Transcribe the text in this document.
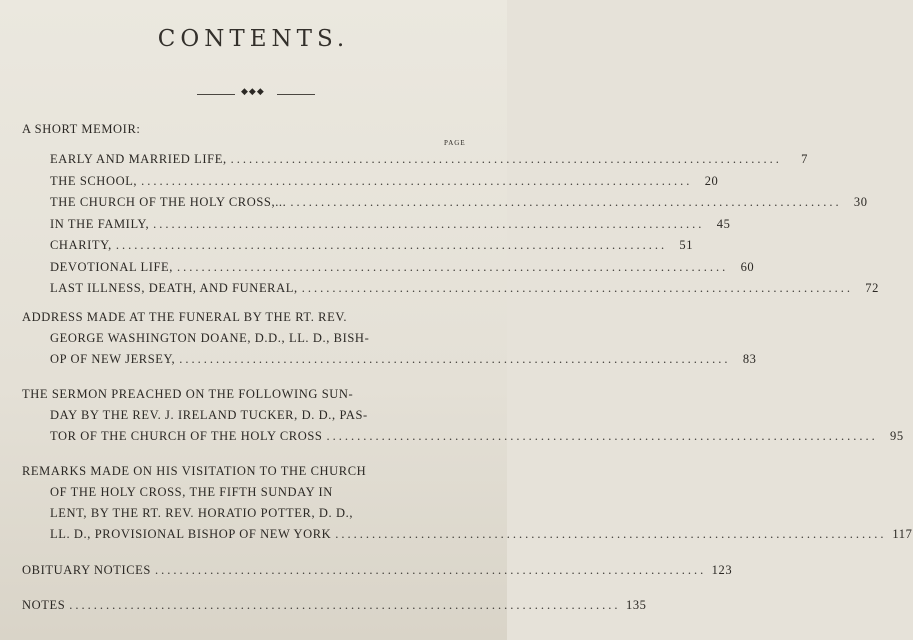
CONTENTS.
◆◆◆
A SHORT MEMOIR:
PAGE
EARLY AND MARRIED LIFE, ..........................................................................................	7
THE SCHOOL, .......................................................................................... 20
THE CHURCH OF THE HOLY CROSS,... .......................................................................................... 30
IN THE FAMILY, .......................................................................................... 45
CHARITY, .......................................................................................... 51
DEVOTIONAL LIFE, .......................................................................................... 60
LAST ILLNESS, DEATH, AND FUNERAL, .......................................................................................... 72
ADDRESS MADE AT THE FUNERAL BY THE RT. REV.
GEORGE WASHINGTON DOANE, D.D., LL. D., BISH-
OP OF NEW JERSEY, .......................................................................................... 83
THE SERMON PREACHED ON THE FOLLOWING SUN-
DAY BY THE REV. J. IRELAND TUCKER, D. D., PAS-
TOR OF THE CHURCH OF THE HOLY CROSS .......................................................................................... 95
REMARKS MADE ON HIS VISITATION TO THE CHURCH
OF THE HOLY CROSS, THE FIFTH SUNDAY IN
LENT, BY THE RT. REV. HORATIO POTTER, D. D.,
LL. D., PROVISIONAL BISHOP OF NEW YORK .......................................................................................... 117
OBITUARY NOTICES .......................................................................................... 123
NOTES .......................................................................................... 135
